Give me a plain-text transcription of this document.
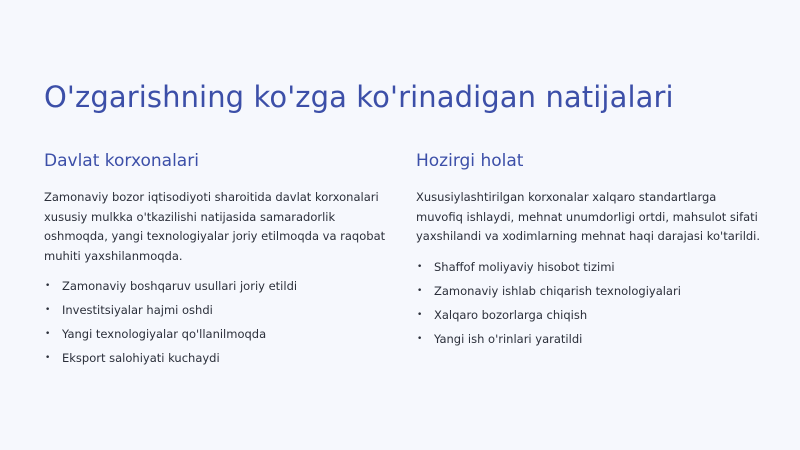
O'zgarishning ko'zga ko'rinadigan natijalari
Davlat korxonalari

Zamonaviy bozor iqtisodiyoti sharoitida davlat korxonalari xususiy mulkka o'tkazilishi natijasida samaradorlik oshmoqda, yangi texnologiyalar joriy etilmoqda va raqobat muhiti yaxshilanmoqda.

• Zamonaviy boshqaruv usullari joriy etildi
• Investitsiyalar hajmi oshdi
• Yangi texnologiyalar qo'llanilmoqda
• Eksport salohiyati kuchaydi
Hozirgi holat

Xususiylashtirilgan korxonalar xalqaro standartlarga muvofiq ishlaydi, mehnat unumdorligi ortdi, mahsulot sifati yaxshilandi va xodimlarning mehnat haqi darajasi ko'tarildi.

• Shaffof moliyaviy hisobot tizimi
• Zamonaviy ishlab chiqarish texnologiyalari
• Xalqaro bozorlarga chiqish
• Yangi ish o'rinlari yaratildi
